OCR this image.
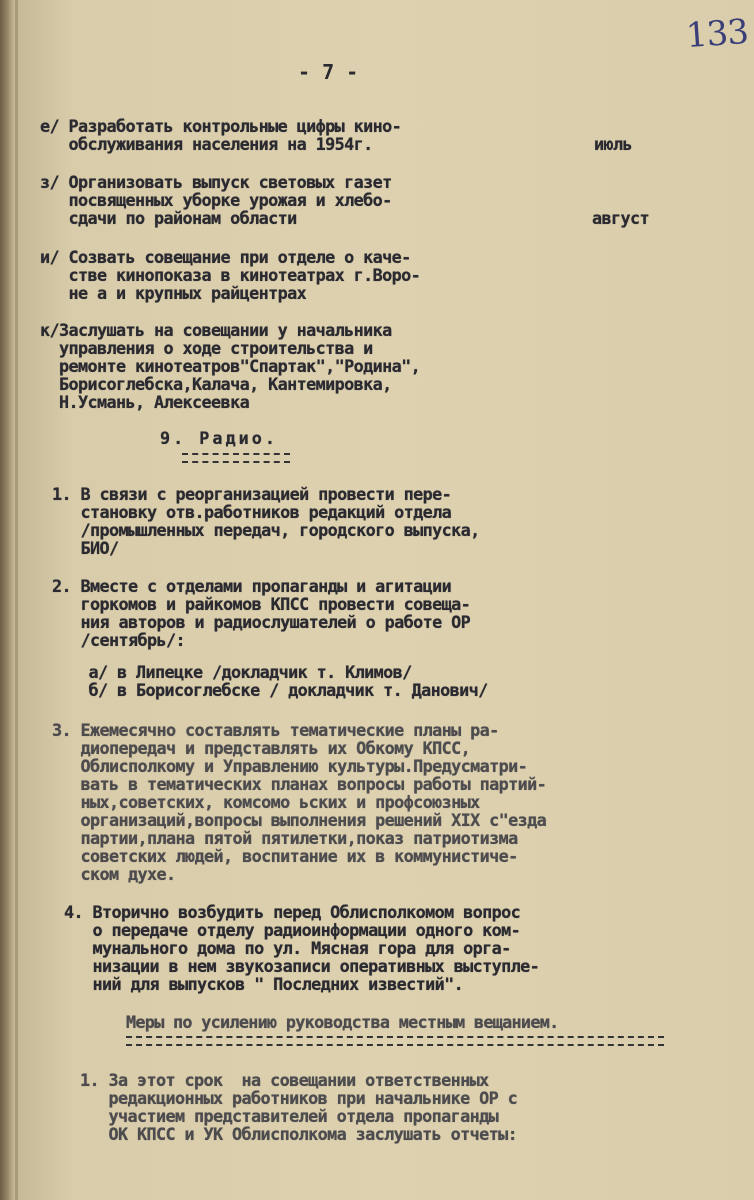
133

- 7 -

е/ Разработать контрольные цифры кино-

обслуживания населения на 1954г.	июль

з/ Организовать выпуск световых газет

посвященных уборке урожая и хлебо-

сдачи по районам области	август

и/ Созвать совещание при отделе о каче-

стве кинопоказа в кинотеатрах г.Воро-

не а и крупных райцентрах

к/Заслушать на совещании у начальника

управления о ходе строительства и

ремонте кинотеатров"Спартак","Родина",

Борисоглебска,Калача, Кантемировка,

Н.Усмань, Алексеевка

9. Радио.

1. В связи с реорганизацией провести пере-

становку отв.работников редакций отдела

/промышленных передач, городского выпуска,

БИО/

2. Вместе с отделами пропаганды и агитации

горкомов и райкомов КПСС провести совеща-

ния авторов и радиослушателей о работе ОР

/сентябрь/:

а/ в Липецке /докладчик т. Климов/

б/ в Борисоглебске / докладчик т. Данович/

3. Ежемесячно составлять тематические планы ра-

диопередач и представлять их Обкому КПСС,

Облисполкому и Управлению культуры.Предусматри-

вать в тематических планах вопросы работы партий-

ных,советских, комсомо ьских и профсоюзных

организаций,вопросы выполнения решений XIX с"езда

партии,плана пятой пятилетки,показ патриотизма

советских людей, воспитание их в коммунистиче-

ском духе.

4. Вторично возбудить перед Облисполкомом вопрос

о передаче отделу радиоинформации одного ком-

мунального дома по ул. Мясная гора для орга-

низации в нем звукозаписи оперативных выступле-

ний для выпусков " Последних известий".

Меры по усилению руководства местным вещанием.

1. За этот срок  на совещании ответственных

редакционных работников при начальнике ОР с

участием представителей отдела пропаганды

ОК КПСС и УК Облисполкома заслушать отчеты:
